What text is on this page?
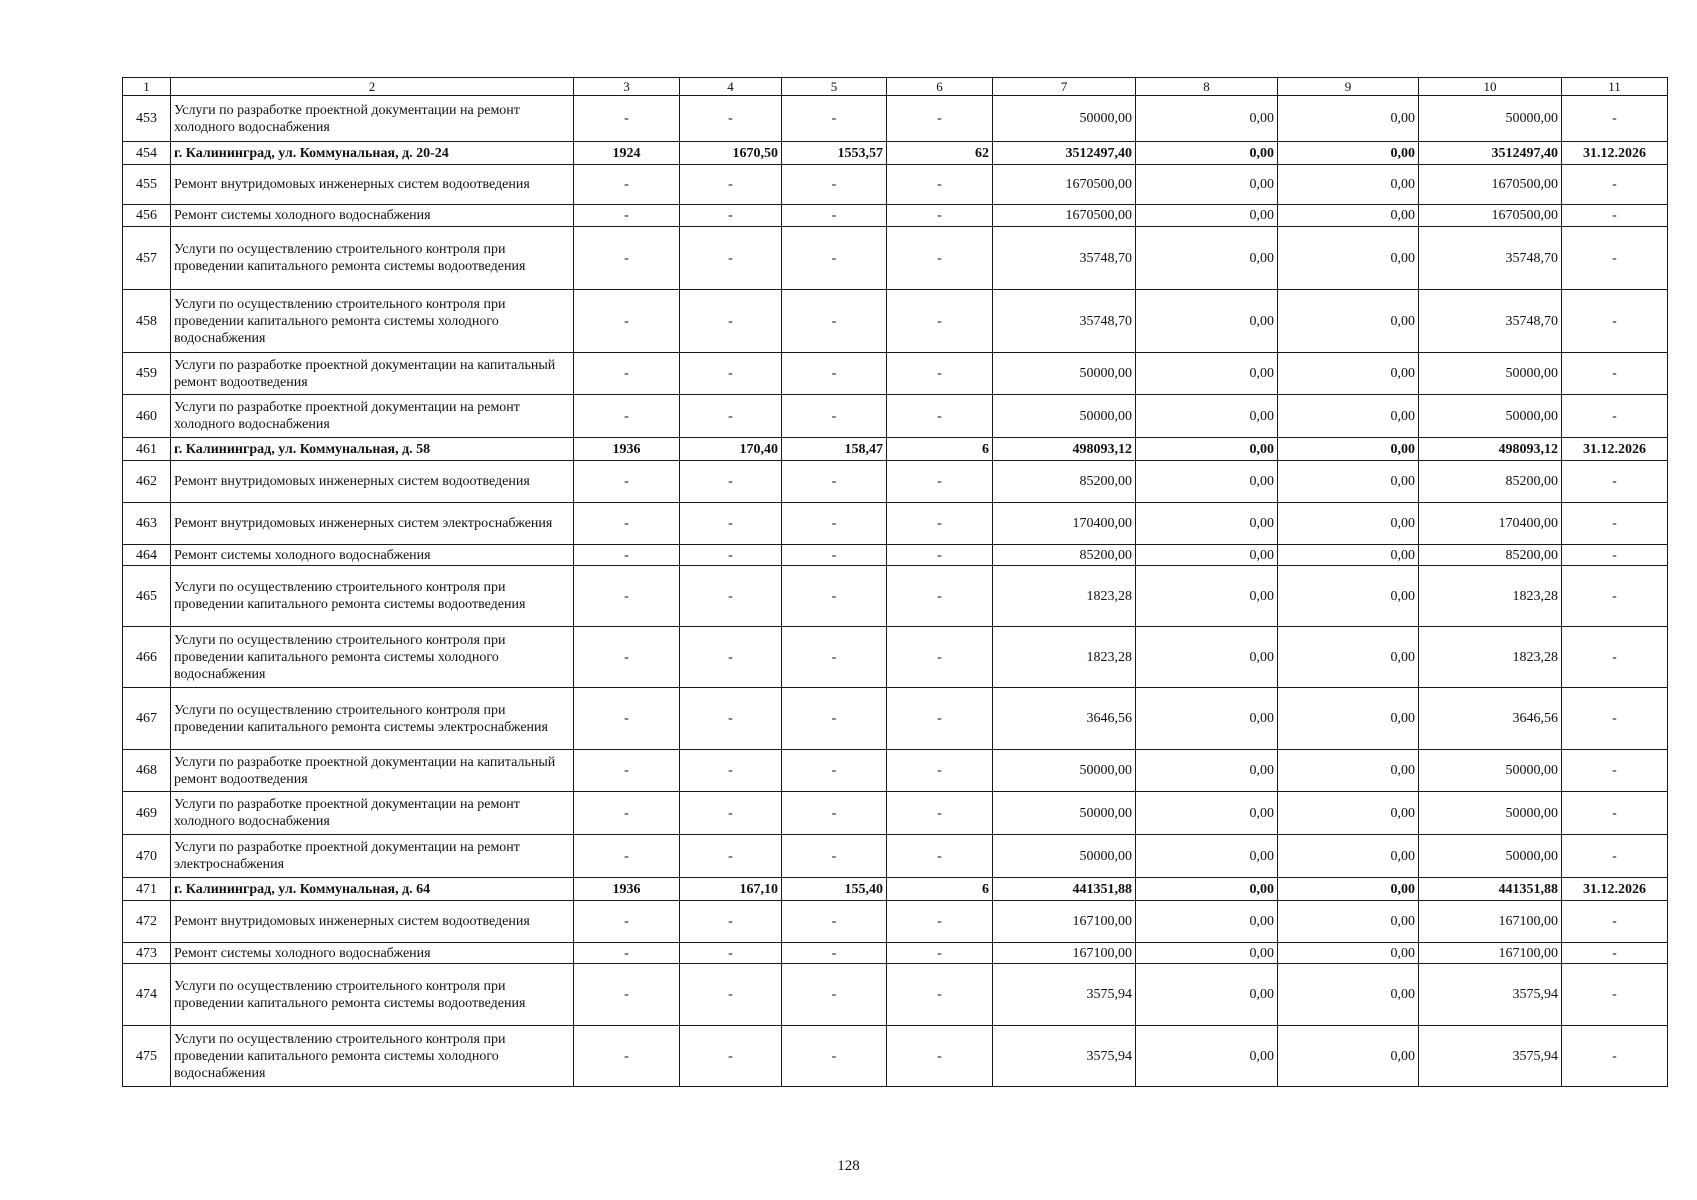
1	2	3	4	5	6	7	8	9	10	11
453	Услуги по разработке проектной документации на ремонт холодного водоснабжения	-	-	-	-	50000,00	0,00	0,00	50000,00	-
454	г. Калининград, ул. Коммунальная, д. 20-24	1924	1670,50	1553,57	62	3512497,40	0,00	0,00	3512497,40	31.12.2026
455	Ремонт внутридомовых инженерных систем водоотведения	-	-	-	-	1670500,00	0,00	0,00	1670500,00	-
456	Ремонт системы холодного водоснабжения	-	-	-	-	1670500,00	0,00	0,00	1670500,00	-
457	Услуги по осуществлению строительного контроля при проведении капитального ремонта системы водоотведения	-	-	-	-	35748,70	0,00	0,00	35748,70	-
458	Услуги по осуществлению строительного контроля при проведении капитального ремонта системы холодного водоснабжения	-	-	-	-	35748,70	0,00	0,00	35748,70	-
459	Услуги по разработке проектной документации на капитальный ремонт водоотведения	-	-	-	-	50000,00	0,00	0,00	50000,00	-
460	Услуги по разработке проектной документации на ремонт холодного водоснабжения	-	-	-	-	50000,00	0,00	0,00	50000,00	-
461	г. Калининград, ул. Коммунальная, д. 58	1936	170,40	158,47	6	498093,12	0,00	0,00	498093,12	31.12.2026
462	Ремонт внутридомовых инженерных систем водоотведения	-	-	-	-	85200,00	0,00	0,00	85200,00	-
463	Ремонт внутридомовых инженерных систем электроснабжения	-	-	-	-	170400,00	0,00	0,00	170400,00	-
464	Ремонт системы холодного водоснабжения	-	-	-	-	85200,00	0,00	0,00	85200,00	-
465	Услуги по осуществлению строительного контроля при проведении капитального ремонта системы водоотведения	-	-	-	-	1823,28	0,00	0,00	1823,28	-
466	Услуги по осуществлению строительного контроля при проведении капитального ремонта системы холодного водоснабжения	-	-	-	-	1823,28	0,00	0,00	1823,28	-
467	Услуги по осуществлению строительного контроля при проведении капитального ремонта системы электроснабжения	-	-	-	-	3646,56	0,00	0,00	3646,56	-
468	Услуги по разработке проектной документации на капитальный ремонт водоотведения	-	-	-	-	50000,00	0,00	0,00	50000,00	-
469	Услуги по разработке проектной документации на ремонт холодного водоснабжения	-	-	-	-	50000,00	0,00	0,00	50000,00	-
470	Услуги по разработке проектной документации на ремонт электроснабжения	-	-	-	-	50000,00	0,00	0,00	50000,00	-
471	г. Калининград, ул. Коммунальная, д. 64	1936	167,10	155,40	6	441351,88	0,00	0,00	441351,88	31.12.2026
472	Ремонт внутридомовых инженерных систем водоотведения	-	-	-	-	167100,00	0,00	0,00	167100,00	-
473	Ремонт системы холодного водоснабжения	-	-	-	-	167100,00	0,00	0,00	167100,00	-
474	Услуги по осуществлению строительного контроля при проведении капитального ремонта системы водоотведения	-	-	-	-	3575,94	0,00	0,00	3575,94	-
475	Услуги по осуществлению строительного контроля при проведении капитального ремонта системы холодного водоснабжения	-	-	-	-	3575,94	0,00	0,00	3575,94	-
128
